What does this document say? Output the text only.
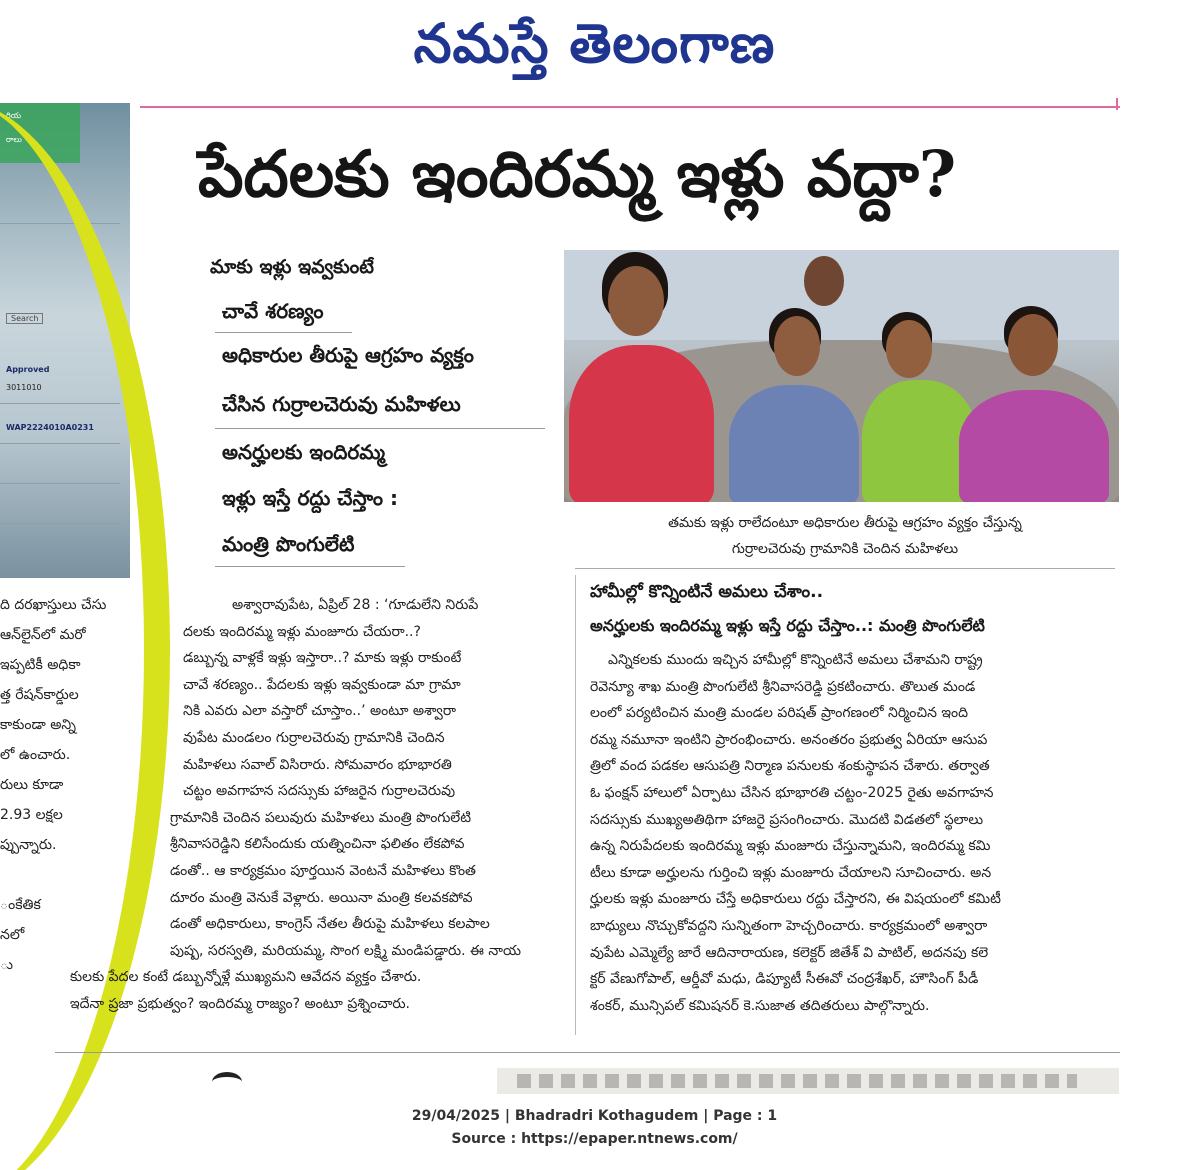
నమస్తే తెలంగాణ
రియ
రాలు
Search
Approved
3011010
WAP2224010A0231
ది దరఖాస్తులు చేసు
ఆన్‌లైన్‌లో మరో
ఇప్పటికీ అధికా
త్త రేషన్‌కార్డుల
కాకుండా అన్ని
లో ఉంచారు.
రులు కూడా
2.93 లక్షల
ప్పున్నారు.

ంకేతిక
నలో
ు
పేదలకు ఇందిరమ్మ ఇళ్లు వద్దా?
మాకు ఇళ్లు ఇవ్వకుంటే
చావే శరణ్యం
అధికారుల తీరుపై ఆగ్రహం వ్యక్తం
చేసిన గుర్రాలచెరువు మహిళలు
అనర్హులకు ఇందిరమ్మ
ఇళ్లు ఇస్తే రద్దు చేస్తాం :
మంత్రి పొంగులేటి
తమకు ఇళ్లు రాలేదంటూ అధికారుల తీరుపై ఆగ్రహం వ్యక్తం చేస్తున్న
గుర్రాలచెరువు గ్రామానికి చెందిన మహిళలు

అశ్వారావుపేట, ఏప్రిల్ 28 : ‘గూడులేని నిరుపే
దలకు ఇందిరమ్మ ఇళ్లు మంజూరు చేయరా..?
డబ్బున్న వాళ్లకే ఇళ్లు ఇస్తారా..? మాకు ఇళ్లు రాకుంటే
చావే శరణ్యం.. పేదలకు ఇళ్లు ఇవ్వకుండా మా గ్రామా
నికి ఎవరు ఎలా వస్తారో చూస్తాం..’ అంటూ అశ్వారా
వుపేట మండలం గుర్రాలచెరువు గ్రామానికి చెందిన
మహిళలు సవాల్ విసిరారు. సోమవారం భూభారతి
చట్టం అవగాహన సదస్సుకు హాజరైన గుర్రాలచెరువు
గ్రామానికి చెందిన పలువురు మహిళలు మంత్రి పొంగులేటి
శ్రీనివాసరెడ్డిని కలిసేందుకు యత్నించినా ఫలితం లేకపోవ
డంతో.. ఆ కార్యక్రమం పూర్తయిన వెంటనే మహిళలు కొంత
దూరం మంత్రి వెనుకే వెళ్లారు. అయినా మంత్రి కలవకపోవ
డంతో అధికారులు, కాంగ్రెస్ నేతల తీరుపై మహిళలు కలపాల
పుష్ప, సరస్వతి, మరియమ్మ, సొంగ లక్ష్మి మండిపడ్డారు. ఈ నాయ
కులకు పేదల కంటే డబ్బున్నోళ్లే ముఖ్యమని ఆవేదన వ్యక్తం చేశారు.
ఇదేనా ప్రజా ప్రభుత్వం? ఇందిరమ్మ రాజ్యం? అంటూ ప్రశ్నించారు.

హామీల్లో కొన్నింటినే అమలు చేశాం..
అనర్హులకు ఇందిరమ్మ ఇళ్లు ఇస్తే రద్దు చేస్తాం..: మంత్రి పొంగులేటి
ఎన్నికలకు ముందు ఇచ్చిన హామీల్లో కొన్నింటినే అమలు చేశామని రాష్ట్ర
రెవెన్యూ శాఖ మంత్రి పొంగులేటి శ్రీనివాసరెడ్డి ప్రకటించారు. తొలుత మండ
లంలో పర్యటించిన మంత్రి మండల పరిషత్ ప్రాంగణంలో నిర్మించిన ఇంది
రమ్మ నమూనా ఇంటిని ప్రారంభించారు. అనంతరం ప్రభుత్వ ఏరియా ఆసుప
త్రిలో వంద పడకల ఆసుపత్రి నిర్మాణ పనులకు శంకుస్థాపన చేశారు. తర్వాత
ఓ ఫంక్షన్ హాలులో ఏర్పాటు చేసిన భూభారతి చట్టం-2025 రైతు అవగాహన
సదస్సుకు ముఖ్యఅతిథిగా హాజరై ప్రసంగించారు. మొదటి విడతలో స్థలాలు
ఉన్న నిరుపేదలకు ఇందిరమ్మ ఇళ్లు మంజూరు చేస్తున్నామని, ఇందిరమ్మ కమి
టీలు కూడా అర్హులను గుర్తించి ఇళ్లు మంజూరు చేయాలని సూచించారు. అన
ర్హులకు ఇళ్లు మంజూరు చేస్తే అధికారులు రద్దు చేస్తారని, ఈ విషయంలో కమిటీ
బాధ్యులు నొచ్చుకోవద్దని సున్నితంగా హెచ్చరించారు. కార్యక్రమంలో అశ్వారా
వుపేట ఎమ్మెల్యే జారే ఆదినారాయణ, కలెక్టర్ జితేశ్ వి పాటిల్, అదనపు కలె
క్టర్ వేణుగోపాల్, ఆర్డీవో మధు, డిప్యూటీ సీఈవో చంద్రశేఖర్, హౌసింగ్ పీడీ
శంకర్, మున్సిపల్ కమిషనర్ కె.సుజాత తదితరులు పాల్గొన్నారు.
29/04/2025 | Bhadradri Kothagudem | Page : 1
Source : https://epaper.ntnews.com/
